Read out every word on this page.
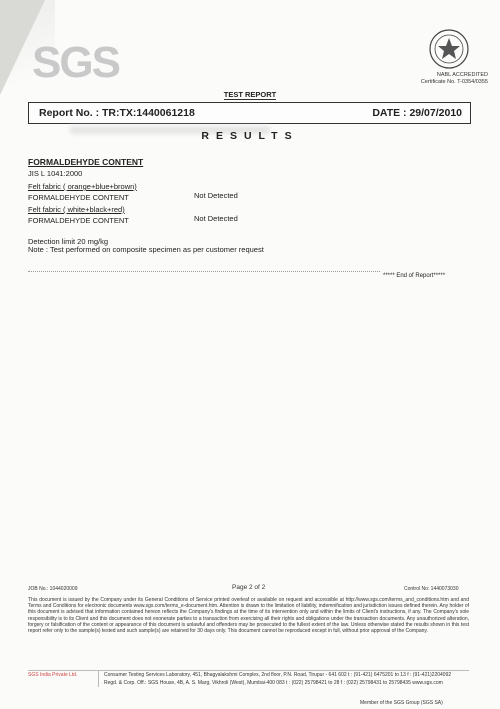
SGS	NABL ACCREDITED
Certificate No. T-0354/0355
TEST REPORT
Report No. : TR:TX:1440061218	DATE : 29/07/2010
RESULTS
FORMALDEHYDE CONTENT
JIS L 1041:2000
Felt fabric ( orange+blue+brown)
FORMALDEHYDE CONTENT	Not Detected
Felt fabric ( white+black+red)
FORMALDEHYDE CONTENT	Not Detected
Detection limit 20 mg/kg
Note : Test performed on composite specimen as per customer request
***** End of Report*****
JOB No.: 1044020009	Page 2 of 2	Control No: 1440073030
This document is issued by the Company under its General Conditions of Service printed overleaf or available on request and accessible at http://www.sgs.com/terms_and_conditions.htm and and Terms and Conditions for electronic documents www.sgs.com/terms_e-document.htm. Attention is drawn to the limitation of liability, indemnification and jurisdiction issues defined therein. Any holder of this document is advised that information contained hereon reflects the Company's findings at the time of its intervention only and within the limits of Client's instructions, if any. The Company's sole responsibility is to its Client and this document does not exonerate parties to a transaction from exercising all their rights and obligations under the transaction documents. Any unauthorized alteration, forgery or falsification of the content or appearance of this document is unlawful and offenders may be prosecuted to the fullest extent of the law. Unless otherwise stated the results shown in this test report refer only to the sample(s) tested and such sample(s) are retained for 30 days only. This document cannot be reproduced except in full, without prior approval of the Company.
SGS India Private Ltd.	Consumer Testing Services Laboratory, 451, Bhagyalakshmi Complex, 2nd floor, P.N. Road, Tirupur - 641 602 t : (91-421) 6475201 to 13 f : (91-421)2204092
Regd. & Corp. Off.: SGS House, 4B, A. S. Marg, Vikhroli (West), Mumbai-400 083 t : (022) 25798421 to 28 f : (022) 25798431 to 25798435 www.sgs.com
Member of the SGS Group (SGS SA)
